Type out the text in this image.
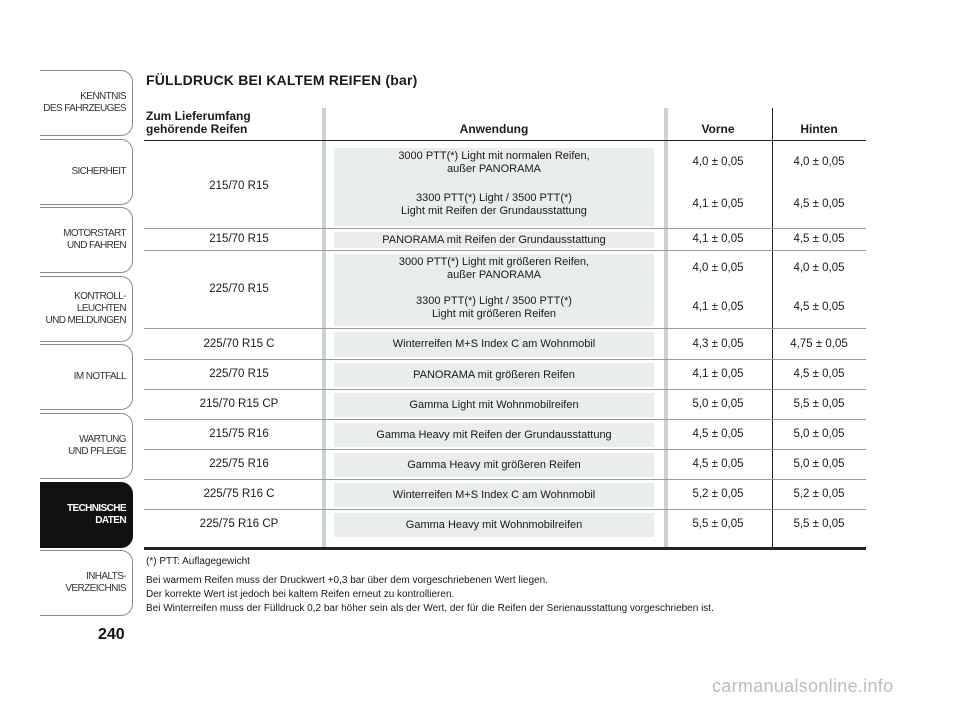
KENNTNIS
DES FAHRZEUGES
SICHERHEIT
MOTORSTART
UND FAHREN
KONTROLL-
LEUCHTEN
UND MELDUNGEN
IM NOTFALL
WARTUNG
UND PFLEGE
TECHNISCHE
DATEN
INHALTS-
VERZEICHNIS
240
FÜLLDRUCK BEI KALTEM REIFEN (bar)
Zum Lieferumfang
gehörende Reifen	Anwendung	Vorne	Hinten
215/70 R15
3000 PTT(*) Light mit normalen Reifen,
außer PANORAMA
4,0 ± 0,05	4,0 ± 0,05
3300 PTT(*) Light / 3500 PTT(*)
Light mit Reifen der Grundausstattung
4,1 ± 0,05	4,5 ± 0,05
215/70 R15	PANORAMA mit Reifen der Grundausstattung	4,1 ± 0,05	4,5 ± 0,05
225/70 R15
3000 PTT(*) Light mit größeren Reifen,
außer PANORAMA
4,0 ± 0,05	4,0 ± 0,05
3300 PTT(*) Light / 3500 PTT(*)
Light mit größeren Reifen
4,1 ± 0,05	4,5 ± 0,05
225/70 R15 C	Winterreifen M+S Index C am Wohnmobil	4,3 ± 0,05	4,75 ± 0,05
225/70 R15	PANORAMA mit größeren Reifen	4,1 ± 0,05	4,5 ± 0,05
215/70 R15 CP	Gamma Light mit Wohnmobilreifen	5,0 ± 0,05	5,5 ± 0,05
215/75 R16	Gamma Heavy mit Reifen der Grundausstattung	4,5 ± 0,05	5,0 ± 0,05
225/75 R16	Gamma Heavy mit größeren Reifen	4,5 ± 0,05	5,0 ± 0,05
225/75 R16 C	Winterreifen M+S Index C am Wohnmobil	5,2 ± 0,05	5,2 ± 0,05
225/75 R16 CP	Gamma Heavy mit Wohnmobilreifen	5,5 ± 0,05	5,5 ± 0,05

(*) PTT: Auflagegewicht

Bei warmem Reifen muss der Druckwert +0,3 bar über dem vorgeschriebenen Wert liegen.

Der korrekte Wert ist jedoch bei kaltem Reifen erneut zu kontrollieren.

Bei Winterreifen muss der Fülldruck 0,2 bar höher sein als der Wert, der für die Reifen der Serienausstattung vorgeschrieben ist.

carmanualsonline.info
